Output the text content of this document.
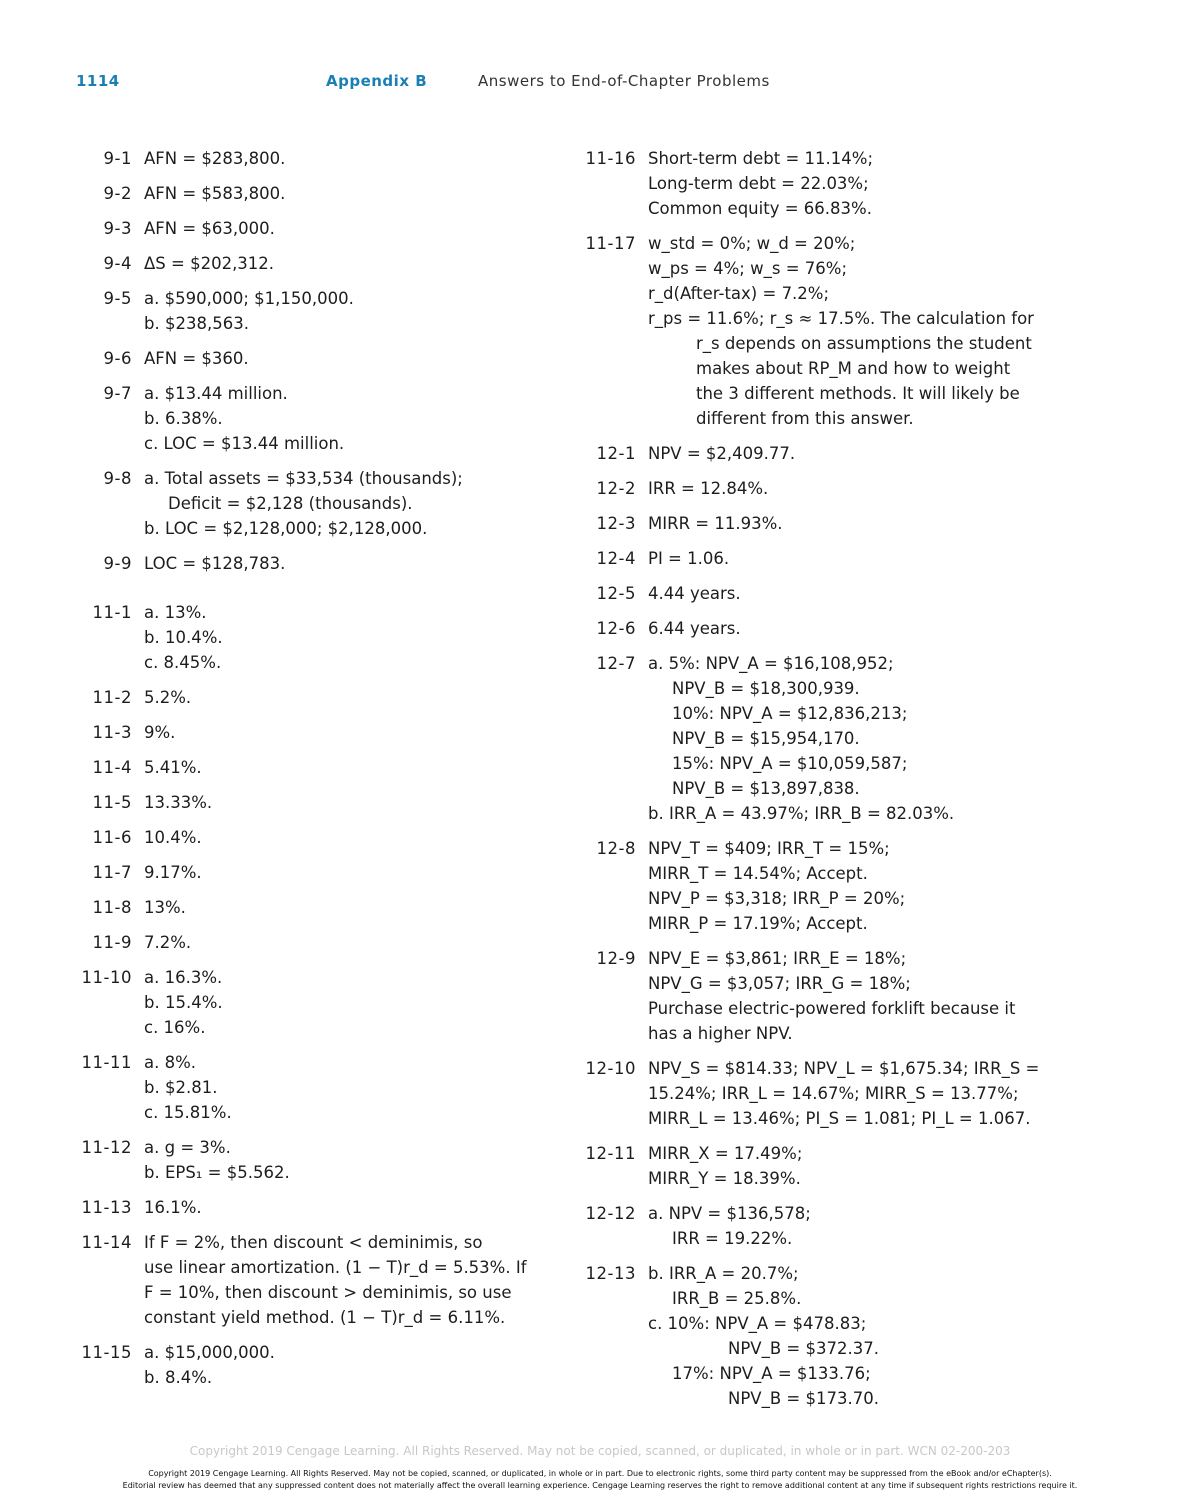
1114	Appendix B	Answers to End-of-Chapter Problems
9-1 AFN = $283,800.
9-2 AFN = $583,800.
9-3 AFN = $63,000.
9-4 ΔS = $202,312.
9-5 a. $590,000; $1,150,000.
b. $238,563.
9-6 AFN = $360.
9-7 a. $13.44 million.
b. 6.38%.
c. LOC = $13.44 million.
9-8 a. Total assets = $33,534 (thousands);
Deficit = $2,128 (thousands).
b. LOC = $2,128,000; $2,128,000.
9-9 LOC = $128,783.
11-1 a. 13%.
b. 10.4%.
c. 8.45%.
11-2 5.2%.
11-3 9%.
11-4 5.41%.
11-5 13.33%.
11-6 10.4%.
11-7 9.17%.
11-8 13%.
11-9 7.2%.
11-10 a. 16.3%.
b. 15.4%.
c. 16%.
11-11 a. 8%.
b. $2.81.
c. 15.81%.
11-12 a. g = 3%.
b. EPS₁ = $5.562.
11-13 16.1%.
11-14 If F = 2%, then discount < deminimis, so
use linear amortization. (1 − T)r_d = 5.53%. If
F = 10%, then discount > deminimis, so use
constant yield method. (1 − T)r_d = 6.11%.
11-15 a. $15,000,000.
b. 8.4%.
11-16 Short-term debt = 11.14%;
Long-term debt = 22.03%;
Common equity = 66.83%.
11-17 w_std = 0%; w_d = 20%;
w_ps = 4%; w_s = 76%;
r_d(After-tax) = 7.2%;
r_ps = 11.6%; r_s ≈ 17.5%. The calculation for
r_s depends on assumptions the student
makes about RP_M and how to weight
the 3 different methods. It will likely be
different from this answer.
12-1 NPV = $2,409.77.
12-2 IRR = 12.84%.
12-3 MIRR = 11.93%.
12-4 PI = 1.06.
12-5 4.44 years.
12-6 6.44 years.
12-7 a. 5%: NPV_A = $16,108,952;
NPV_B = $18,300,939.
10%: NPV_A = $12,836,213;
NPV_B = $15,954,170.
15%: NPV_A = $10,059,587;
NPV_B = $13,897,838.
b. IRR_A = 43.97%; IRR_B = 82.03%.
12-8 NPV_T = $409; IRR_T = 15%;
MIRR_T = 14.54%; Accept.
NPV_P = $3,318; IRR_P = 20%;
MIRR_P = 17.19%; Accept.
12-9 NPV_E = $3,861; IRR_E = 18%;
NPV_G = $3,057; IRR_G = 18%;
Purchase electric-powered forklift because it
has a higher NPV.
12-10 NPV_S = $814.33; NPV_L = $1,675.34; IRR_S =
15.24%; IRR_L = 14.67%; MIRR_S = 13.77%;
MIRR_L = 13.46%; PI_S = 1.081; PI_L = 1.067.
12-11 MIRR_X = 17.49%;
MIRR_Y = 18.39%.
12-12 a. NPV = $136,578;
IRR = 19.22%.
12-13 b. IRR_A = 20.7%;
IRR_B = 25.8%.
c. 10%: NPV_A = $478.83;
NPV_B = $372.37.
17%: NPV_A = $133.76;
NPV_B = $173.70.
Copyright 2019 Cengage Learning. All Rights Reserved. May not be copied, scanned, or duplicated, in whole or in part. WCN 02-200-203
Copyright 2019 Cengage Learning. All Rights Reserved. May not be copied, scanned, or duplicated, in whole or in part. Due to electronic rights, some third party content may be suppressed from the eBook and/or eChapter(s).
Editorial review has deemed that any suppressed content does not materially affect the overall learning experience. Cengage Learning reserves the right to remove additional content at any time if subsequent rights restrictions require it.
